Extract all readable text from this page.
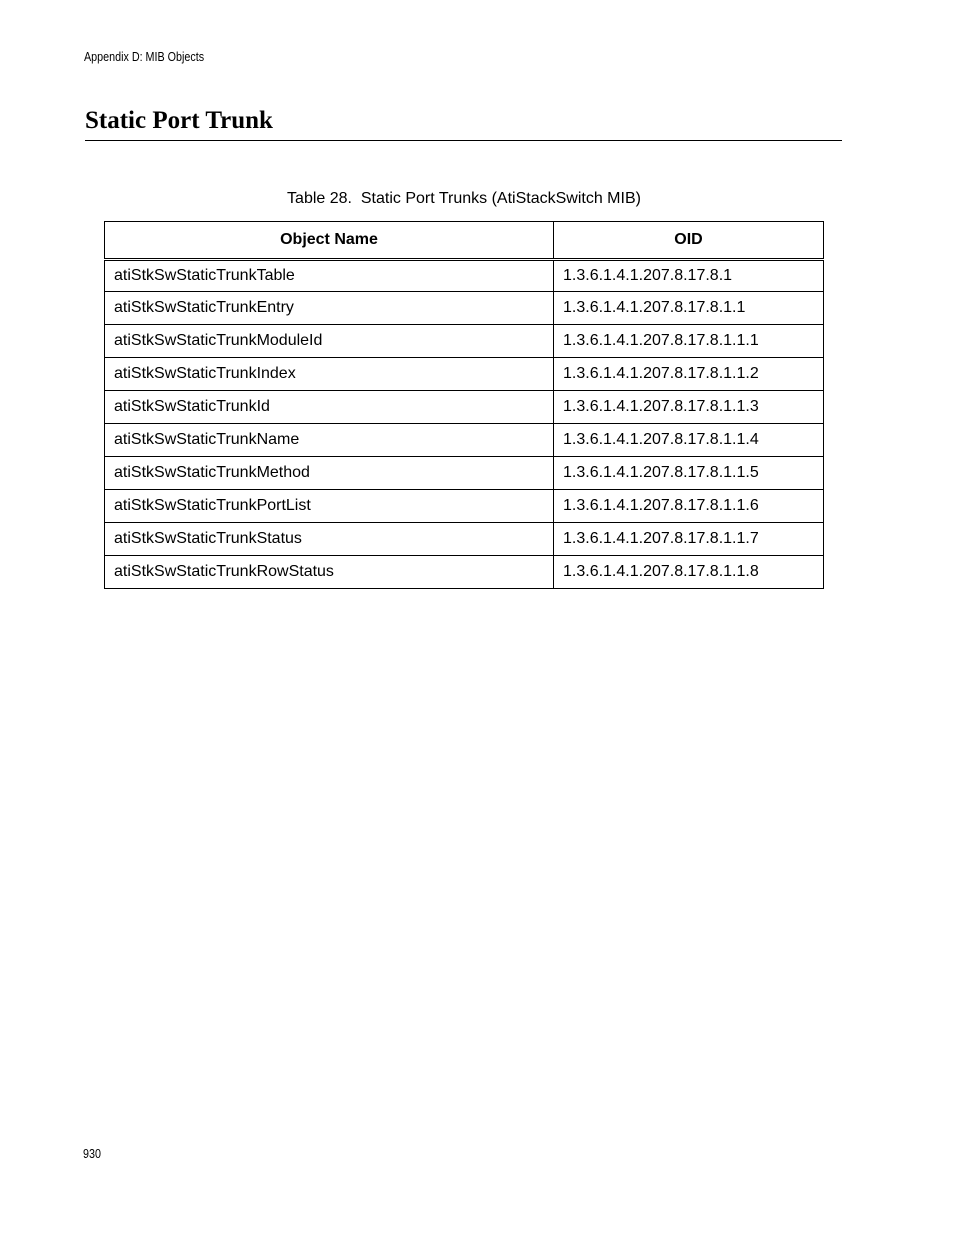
Appendix D: MIB Objects
Static Port Trunk
Table 28.  Static Port Trunks (AtiStackSwitch MIB)
Object Name	OID
atiStkSwStaticTrunkTable	1.3.6.1.4.1.207.8.17.8.1
atiStkSwStaticTrunkEntry	1.3.6.1.4.1.207.8.17.8.1.1
atiStkSwStaticTrunkModuleId	1.3.6.1.4.1.207.8.17.8.1.1.1
atiStkSwStaticTrunkIndex	1.3.6.1.4.1.207.8.17.8.1.1.2
atiStkSwStaticTrunkId	1.3.6.1.4.1.207.8.17.8.1.1.3
atiStkSwStaticTrunkName	1.3.6.1.4.1.207.8.17.8.1.1.4
atiStkSwStaticTrunkMethod	1.3.6.1.4.1.207.8.17.8.1.1.5
atiStkSwStaticTrunkPortList	1.3.6.1.4.1.207.8.17.8.1.1.6
atiStkSwStaticTrunkStatus	1.3.6.1.4.1.207.8.17.8.1.1.7
atiStkSwStaticTrunkRowStatus	1.3.6.1.4.1.207.8.17.8.1.1.8
930
